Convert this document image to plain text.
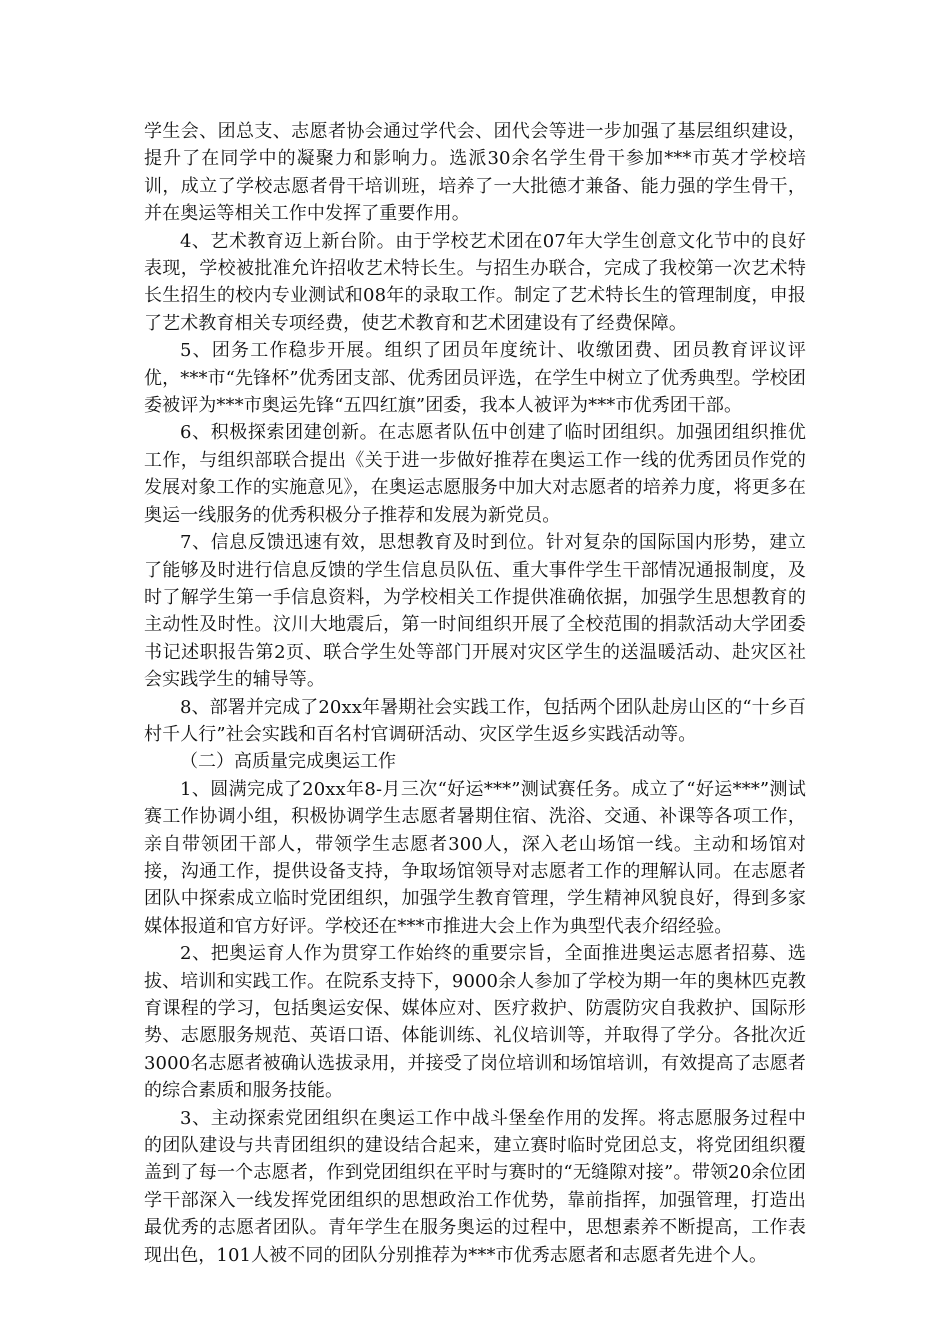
学生会、团总支、志愿者协会通过学代会、团代会等进一步加强了基层组织建设，提升了在同学中的凝聚力和影响力。选派30余名学生骨干参加***市英才学校培训，成立了学校志愿者骨干培训班，培养了一大批德才兼备、能力强的学生骨干，并在奥运等相关工作中发挥了重要作用。

4、艺术教育迈上新台阶。由于学校艺术团在07年大学生创意文化节中的良好表现，学校被批准允许招收艺术特长生。与招生办联合，完成了我校第一次艺术特长生招生的校内专业测试和08年的录取工作。制定了艺术特长生的管理制度，申报了艺术教育相关专项经费，使艺术教育和艺术团建设有了经费保障。

5、团务工作稳步开展。组织了团员年度统计、收缴团费、团员教育评议评优，***市“先锋杯”优秀团支部、优秀团员评选，在学生中树立了优秀典型。学校团委被评为***市奥运先锋“五四红旗”团委，我本人被评为***市优秀团干部。

6、积极探索团建创新。在志愿者队伍中创建了临时团组织。加强团组织推优工作，与组织部联合提出《关于进一步做好推荐在奥运工作一线的优秀团员作党的发展对象工作的实施意见》，在奥运志愿服务中加大对志愿者的培养力度，将更多在奥运一线服务的优秀积极分子推荐和发展为新党员。

7、信息反馈迅速有效，思想教育及时到位。针对复杂的国际国内形势，建立了能够及时进行信息反馈的学生信息员队伍、重大事件学生干部情况通报制度，及时了解学生第一手信息资料，为学校相关工作提供准确依据，加强学生思想教育的主动性及时性。汶川大地震后，第一时间组织开展了全校范围的捐款活动大学团委书记述职报告第2页、联合学生处等部门开展对灾区学生的送温暖活动、赴灾区社会实践学生的辅导等。

8、部署并完成了20xx年暑期社会实践工作，包括两个团队赴房山区的“十乡百村千人行”社会实践和百名村官调研活动、灾区学生返乡实践活动等。

（二）高质量完成奥运工作

1、圆满完成了20xx年8-月三次“好运***”测试赛任务。成立了“好运***”测试赛工作协调小组，积极协调学生志愿者暑期住宿、洗浴、交通、补课等各项工作，亲自带领团干部人，带领学生志愿者300人，深入老山场馆一线。主动和场馆对接，沟通工作，提供设备支持，争取场馆领导对志愿者工作的理解认同。在志愿者团队中探索成立临时党团组织，加强学生教育管理，学生精神风貌良好，得到多家媒体报道和官方好评。学校还在***市推进大会上作为典型代表介绍经验。

2、把奥运育人作为贯穿工作始终的重要宗旨，全面推进奥运志愿者招募、选拔、培训和实践工作。在院系支持下，9000余人参加了学校为期一年的奥林匹克教育课程的学习，包括奥运安保、媒体应对、医疗救护、防震防灾自我救护、国际形势、志愿服务规范、英语口语、体能训练、礼仪培训等，并取得了学分。各批次近3000名志愿者被确认选拔录用，并接受了岗位培训和场馆培训，有效提高了志愿者的综合素质和服务技能。

3、主动探索党团组织在奥运工作中战斗堡垒作用的发挥。将志愿服务过程中的团队建设与共青团组织的建设结合起来，建立赛时临时党团总支，将党团组织覆盖到了每一个志愿者，作到党团组织在平时与赛时的“无缝隙对接”。带领20余位团学干部深入一线发挥党团组织的思想政治工作优势，靠前指挥，加强管理，打造出最优秀的志愿者团队。青年学生在服务奥运的过程中，思想素养不断提高，工作表现出色，101人被不同的团队分别推荐为***市优秀志愿者和志愿者先进个人。
